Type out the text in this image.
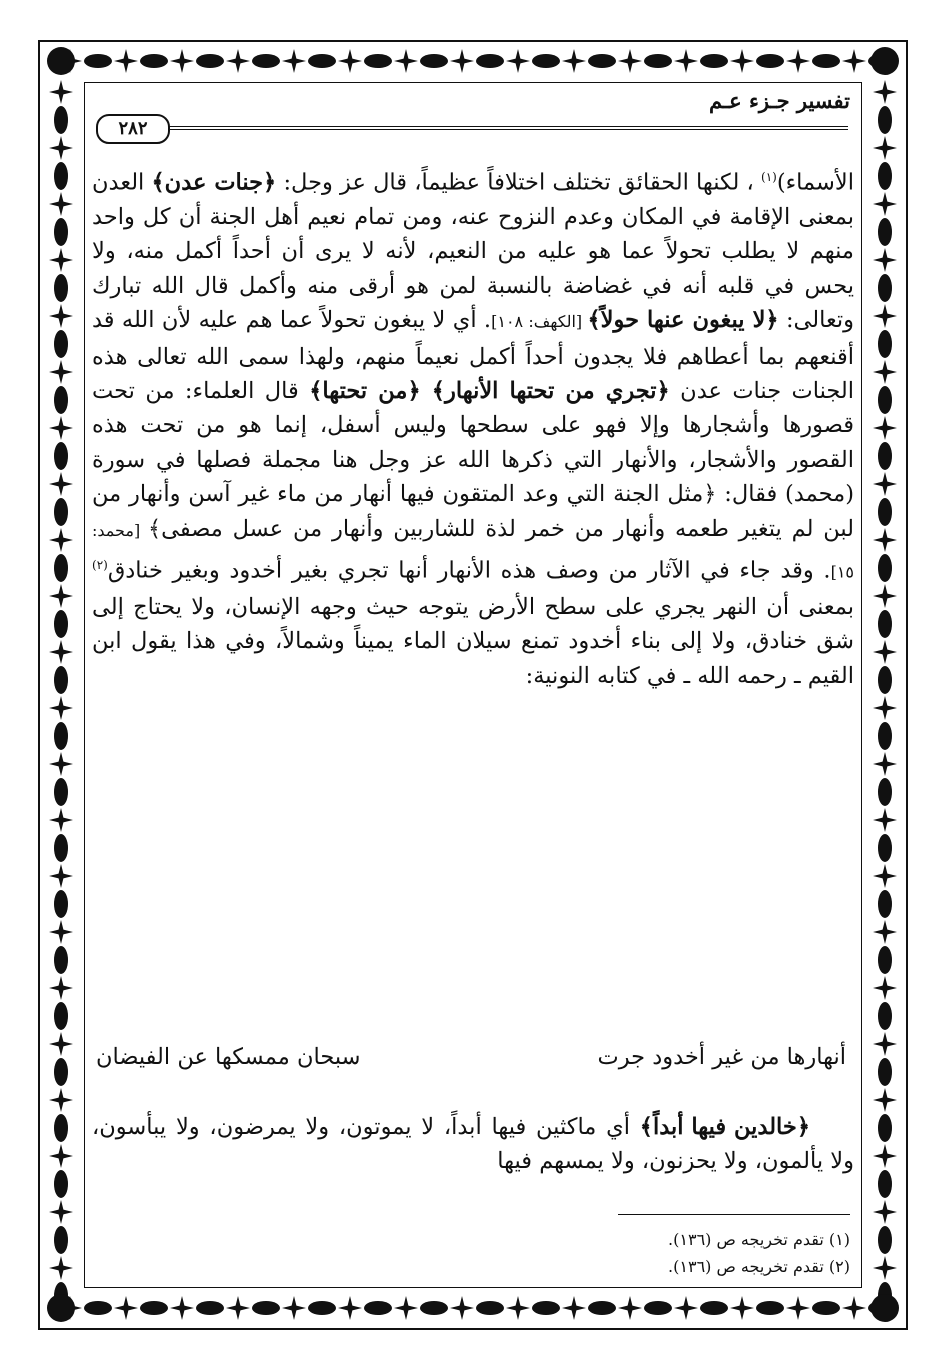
تفسير جـزء عـم
٢٨٢

الأسماء)$^{(١)}$ ، لكنها الحقائق تختلف اختلافاً عظيماً، قال عز وجل: ﴿جنات عدن﴾ العدن بمعنى الإقامة في المكان وعدم النزوح عنه، ومن تمام نعيم أهل الجنة أن كل واحد منهم لا يطلب تحولاً عما هو عليه من النعيم، لأنه لا يرى أن أحداً أكمل منه، ولا يحس في قلبه أنه في غضاضة بالنسبة لمن هو أرقى منه وأكمل قال الله تبارك وتعالى: ﴿لا يبغون عنها حولاً﴾ [الكهف: ١٠٨]. أي لا يبغون تحولاً عما هم عليه لأن الله قد أقنعهم بما أعطاهم فلا يجدون أحداً أكمل نعيماً منهم، ولهذا سمى الله تعالى هذه الجنات جنات عدن ﴿تجري من تحتها الأنهار﴾ ﴿من تحتها﴾ قال العلماء: من تحت قصورها وأشجارها وإلا فهو على سطحها وليس أسفل، إنما هو من تحت هذه القصور والأشجار، والأنهار التي ذكرها الله عز وجل هنا مجملة فصلها في سورة (محمد) فقال: ﴿مثل الجنة التي وعد المتقون فيها أنهار من ماء غير آسن وأنهار من لبن لم يتغير طعمه وأنهار من خمر لذة للشاربين وأنهار من عسل مصفى﴾ [محمد: ١٥]. وقد جاء في الآثار من وصف هذه الأنهار أنها تجري بغير أخدود وبغير خنادق$^{(٢)}$ بمعنى أن النهر يجري على سطح الأرض يتوجه حيث وجهه الإنسان، ولا يحتاج إلى شق خنادق، ولا إلى بناء أخدود تمنع سيلان الماء يميناً وشمالاً، وفي هذا يقول ابن القيم ـ رحمه الله ـ في كتابه النونية:

أنهارها من غير أخدود جرت
سبحان ممسكها عن الفيضان

﴿خالدين فيها أبداً﴾ أي ماكثين فيها أبداً، لا يموتون، ولا يمرضون، ولا يبأسون، ولا يألمون، ولا يحزنون، ولا يمسهم فيها

(١) تقدم تخريجه ص (١٣٦).
(٢) تقدم تخريجه ص (١٣٦).
